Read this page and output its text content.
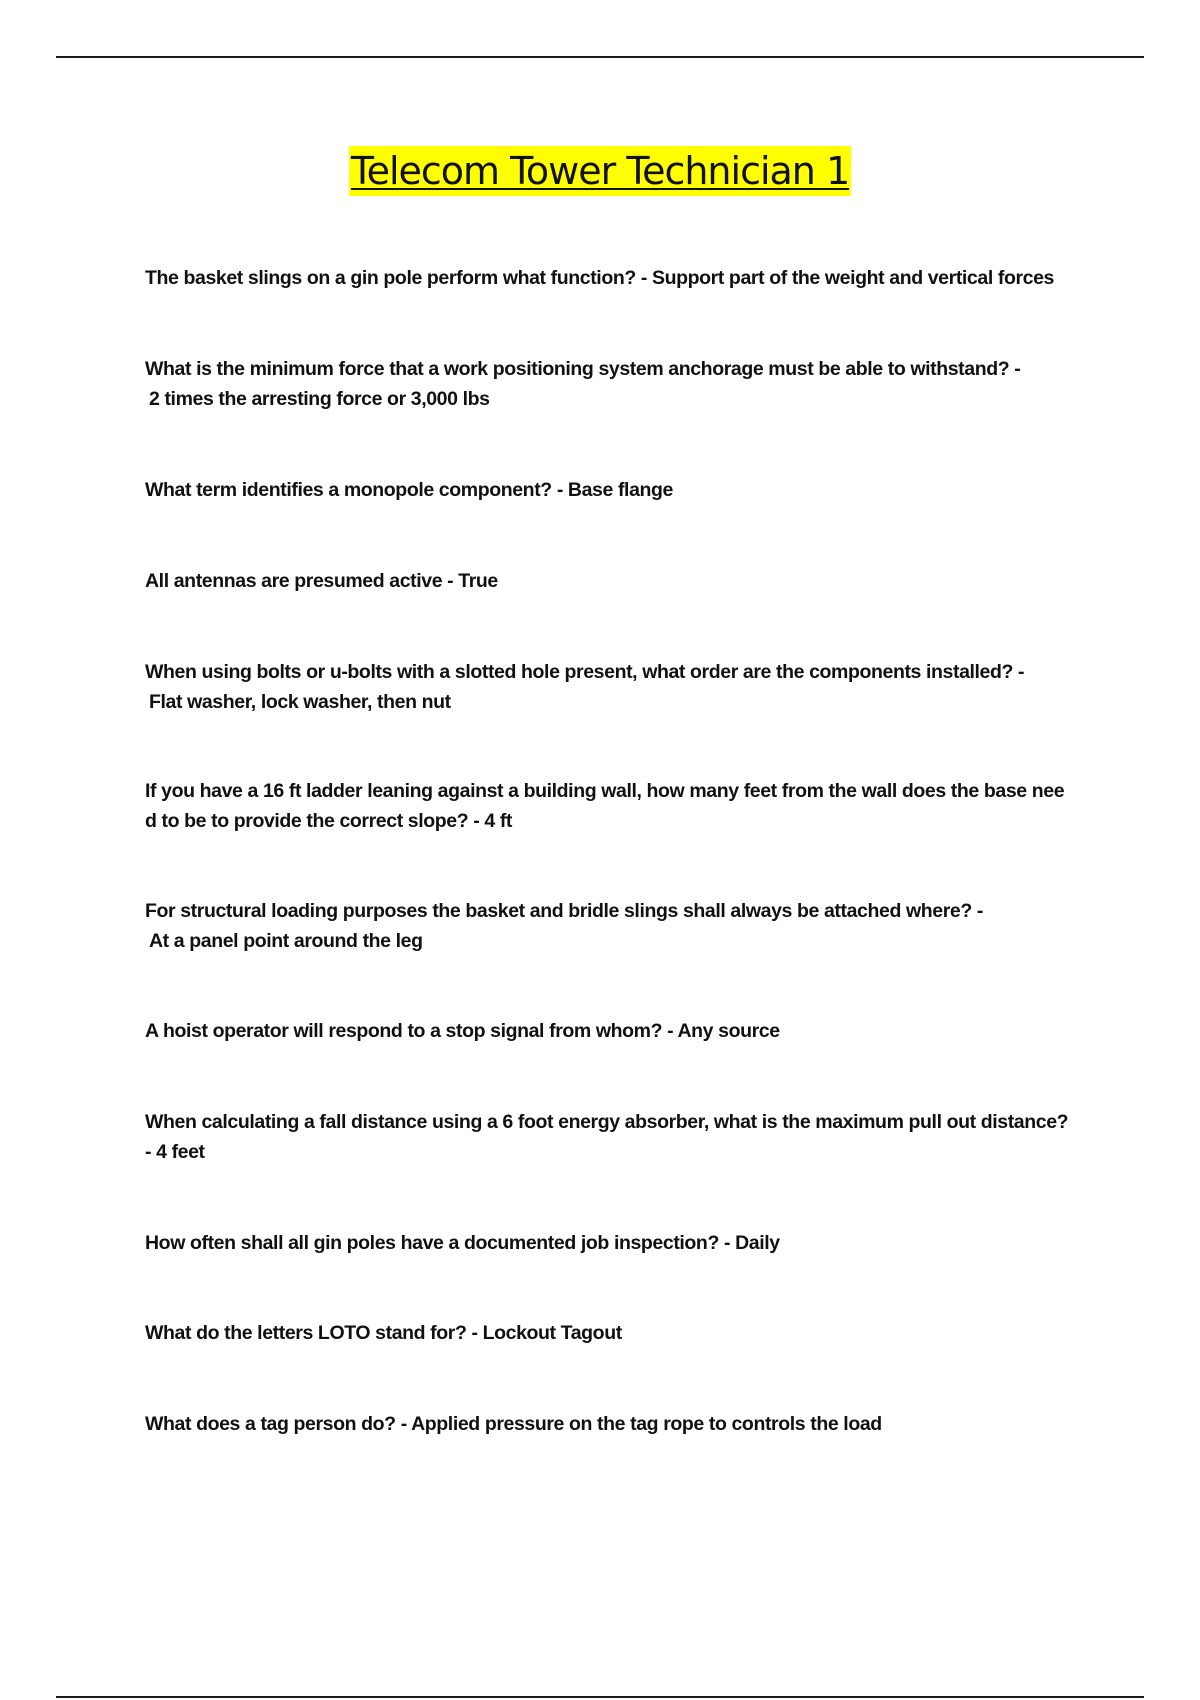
Telecom Tower Technician 1
The basket slings on a gin pole perform what function? - Support part of the weight and vertical forces
What is the minimum force that a work positioning system anchorage must be able to withstand? -
2 times the arresting force or 3,000 lbs
What term identifies a monopole component? - Base flange
All antennas are presumed active - True
When using bolts or u-bolts with a slotted hole present, what order are the components installed? -
Flat washer, lock washer, then nut
If you have a 16 ft ladder leaning against a building wall, how many feet from the wall does the base nee
d to be to provide the correct slope? - 4 ft
For structural loading purposes the basket and bridle slings shall always be attached where? -
At a panel point around the leg
A hoist operator will respond to a stop signal from whom? - Any source
When calculating a fall distance using a 6 foot energy absorber, what is the maximum pull out distance?
- 4 feet
How often shall all gin poles have a documented job inspection? - Daily
What do the letters LOTO stand for? - Lockout Tagout
What does a tag person do? - Applied pressure on the tag rope to controls the load
